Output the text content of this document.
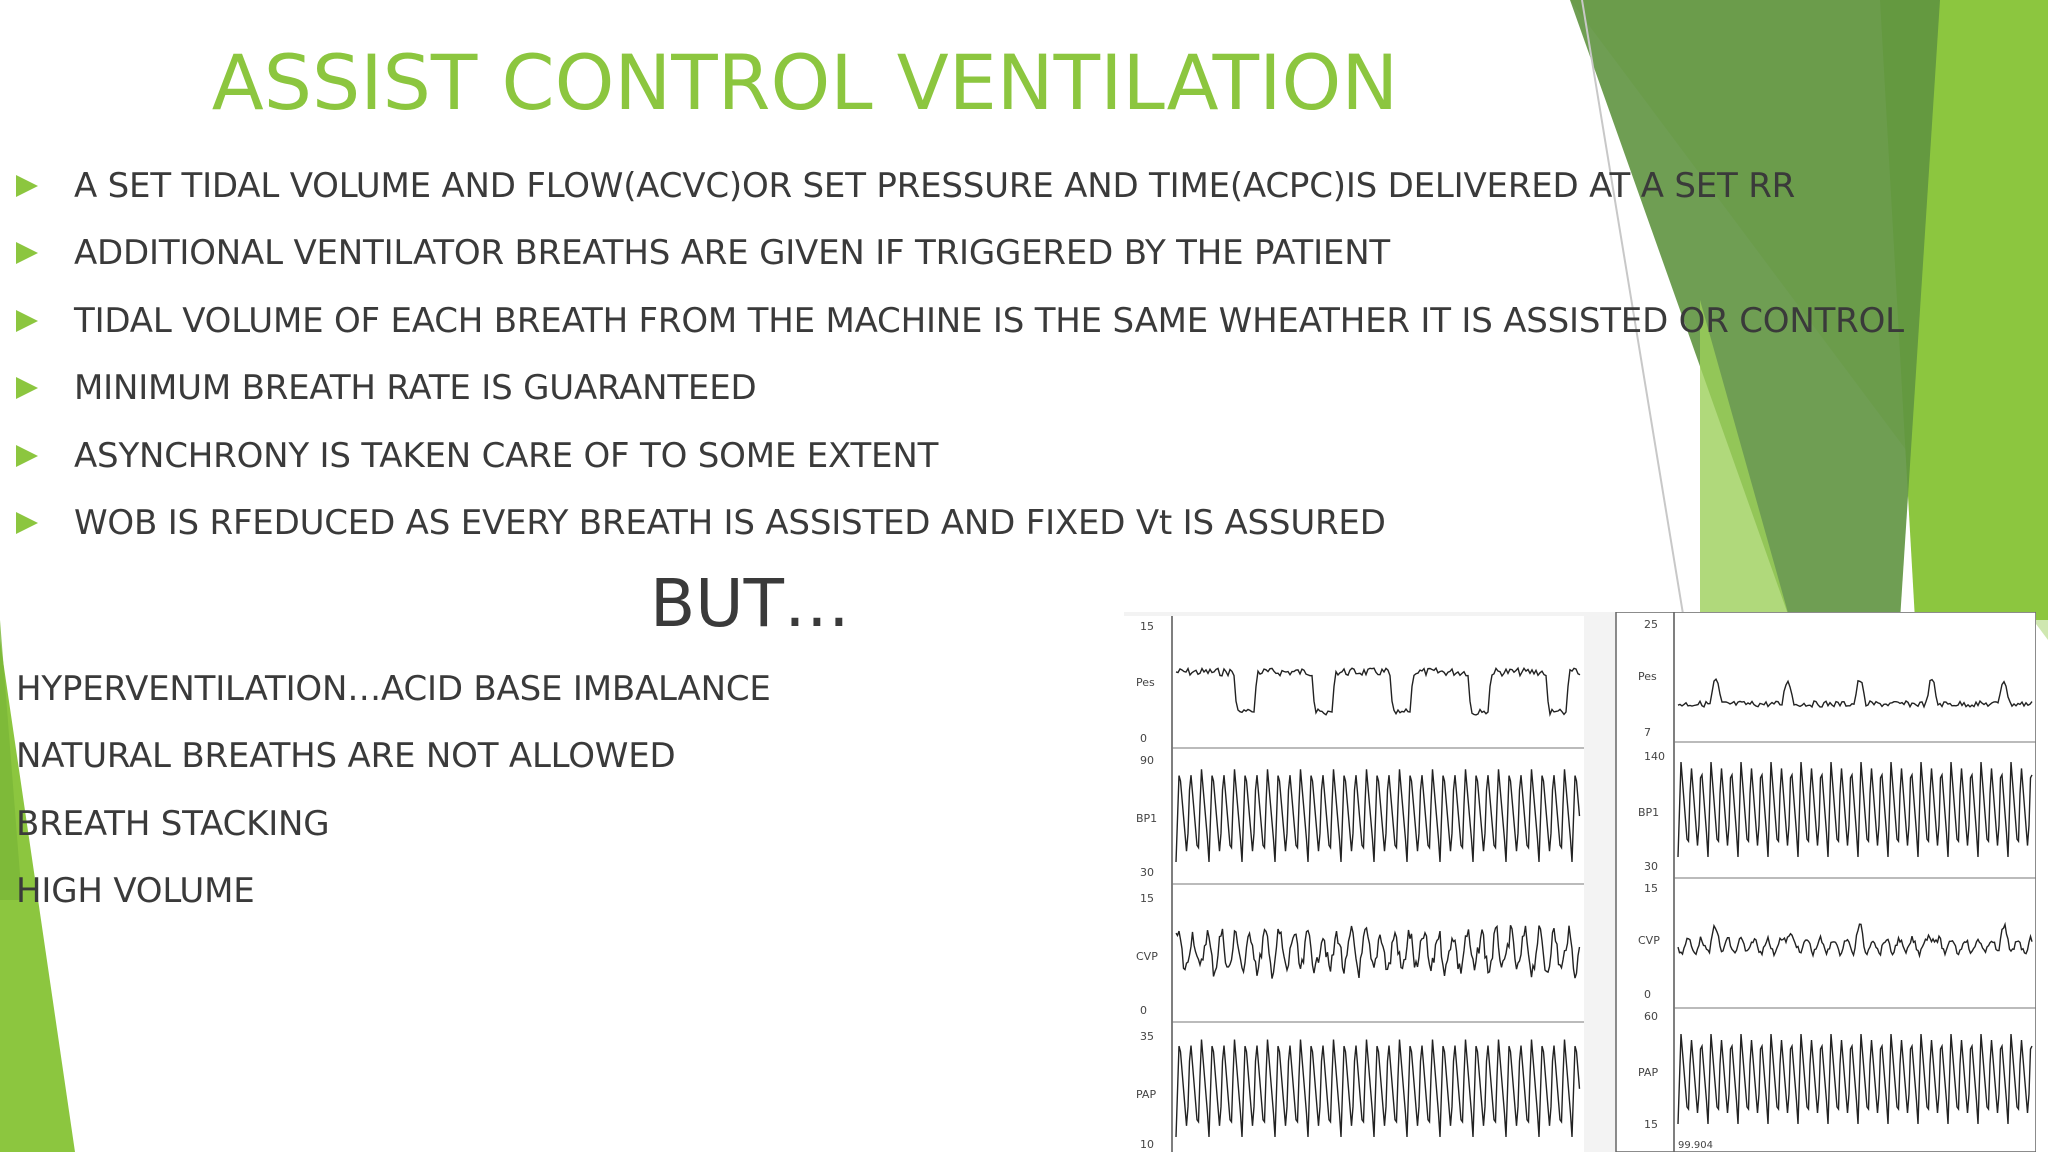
ASSIST CONTROL VENTILATION
A SET TIDAL VOLUME AND FLOW(ACVC)OR SET PRESSURE AND TIME(ACPC)IS DELIVERED AT A SET RR
ADDITIONAL VENTILATOR BREATHS ARE GIVEN IF TRIGGERED BY THE PATIENT
TIDAL VOLUME OF EACH BREATH FROM THE MACHINE IS THE SAME WHEATHER IT IS ASSISTED OR CONTROL
MINIMUM BREATH RATE IS GUARANTEED
ASYNCHRONY IS TAKEN CARE OF TO SOME EXTENT
WOB IS RFEDUCED AS EVERY BREATH IS ASSISTED AND FIXED Vt IS ASSURED
BUT…
HYPERVENTILATION…ACID BASE IMBALANCE
NATURAL BREATHS ARE NOT ALLOWED
BREATH STACKING
HIGH VOLUME
15
Pes
0
90
BP1
30
15
CVP
0
35
PAP
10
25
Pes
7
140
BP1
30
15
CVP
0
60
PAP
15
99.904
